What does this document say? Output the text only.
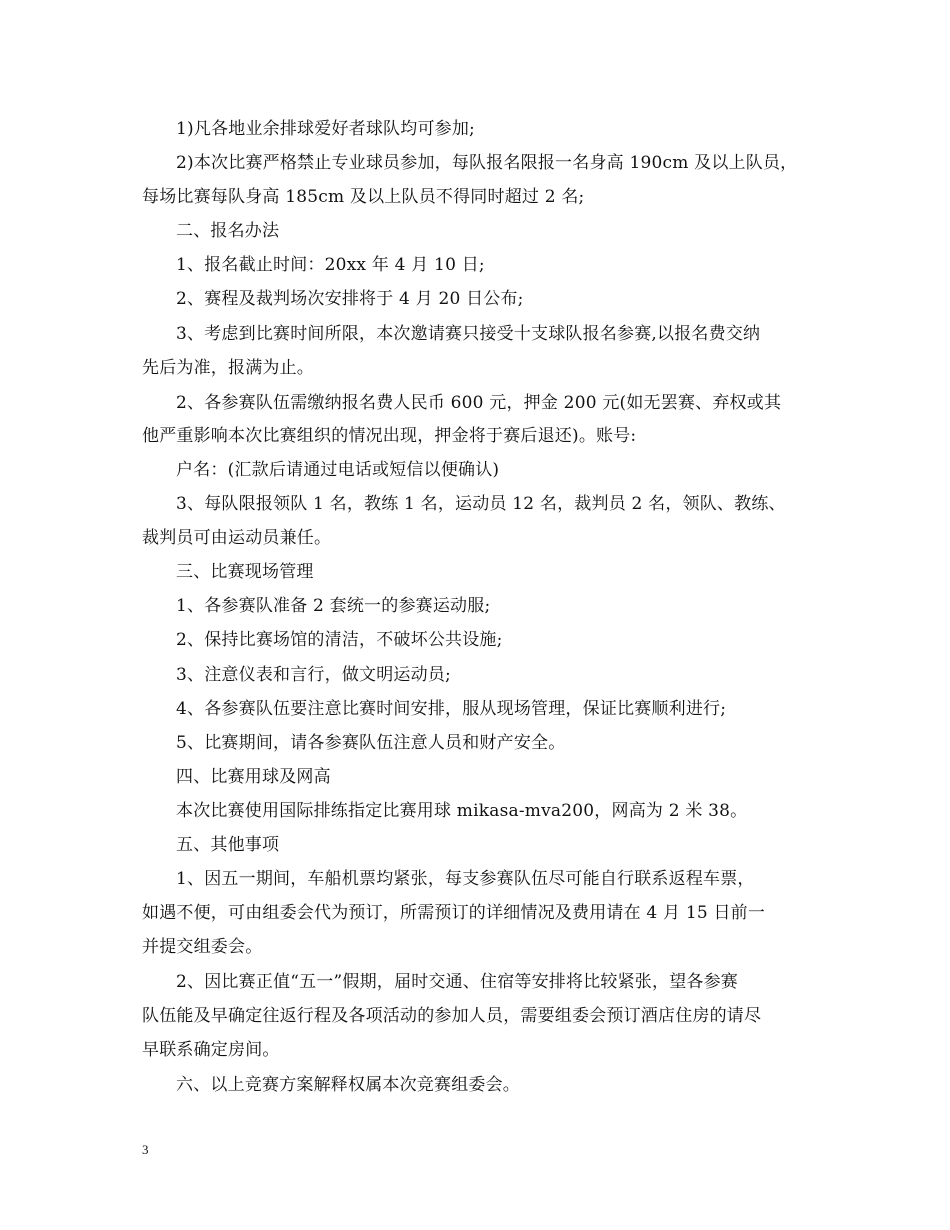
1)凡各地业余排球爱好者球队均可参加;
2)本次比赛严格禁止专业球员参加，每队报名限报一名身高 190cm 及以上队员，
每场比赛每队身高 185cm 及以上队员不得同时超过 2 名;
二、报名办法
1、报名截止时间：20xx 年 4 月 10 日;
2、赛程及裁判场次安排将于 4 月 20 日公布;
3、考虑到比赛时间所限，本次邀请赛只接受十支球队报名参赛,以报名费交纳
先后为准，报满为止。
2、各参赛队伍需缴纳报名费人民币 600 元，押金 200 元(如无罢赛、弃权或其
他严重影响本次比赛组织的情况出现，押金将于赛后退还)。账号:
户名：(汇款后请通过电话或短信以便确认)
3、每队限报领队 1 名，教练 1 名，运动员 12 名，裁判员 2 名，领队、教练、
裁判员可由运动员兼任。
三、比赛现场管理
1、各参赛队准备 2 套统一的参赛运动服;
2、保持比赛场馆的清洁，不破坏公共设施;
3、注意仪表和言行，做文明运动员;
4、各参赛队伍要注意比赛时间安排，服从现场管理，保证比赛顺利进行;
5、比赛期间，请各参赛队伍注意人员和财产安全。
四、比赛用球及网高
本次比赛使用国际排练指定比赛用球 mikasa-mva200，网高为 2 米 38。
五、其他事项
1、因五一期间，车船机票均紧张，每支参赛队伍尽可能自行联系返程车票，
如遇不便，可由组委会代为预订，所需预订的详细情况及费用请在 4 月 15 日前一
并提交组委会。
2、因比赛正值“五一”假期，届时交通、住宿等安排将比较紧张，望各参赛
队伍能及早确定往返行程及各项活动的参加人员，需要组委会预订酒店住房的请尽
早联系确定房间。
六、以上竞赛方案解释权属本次竞赛组委会。
3
